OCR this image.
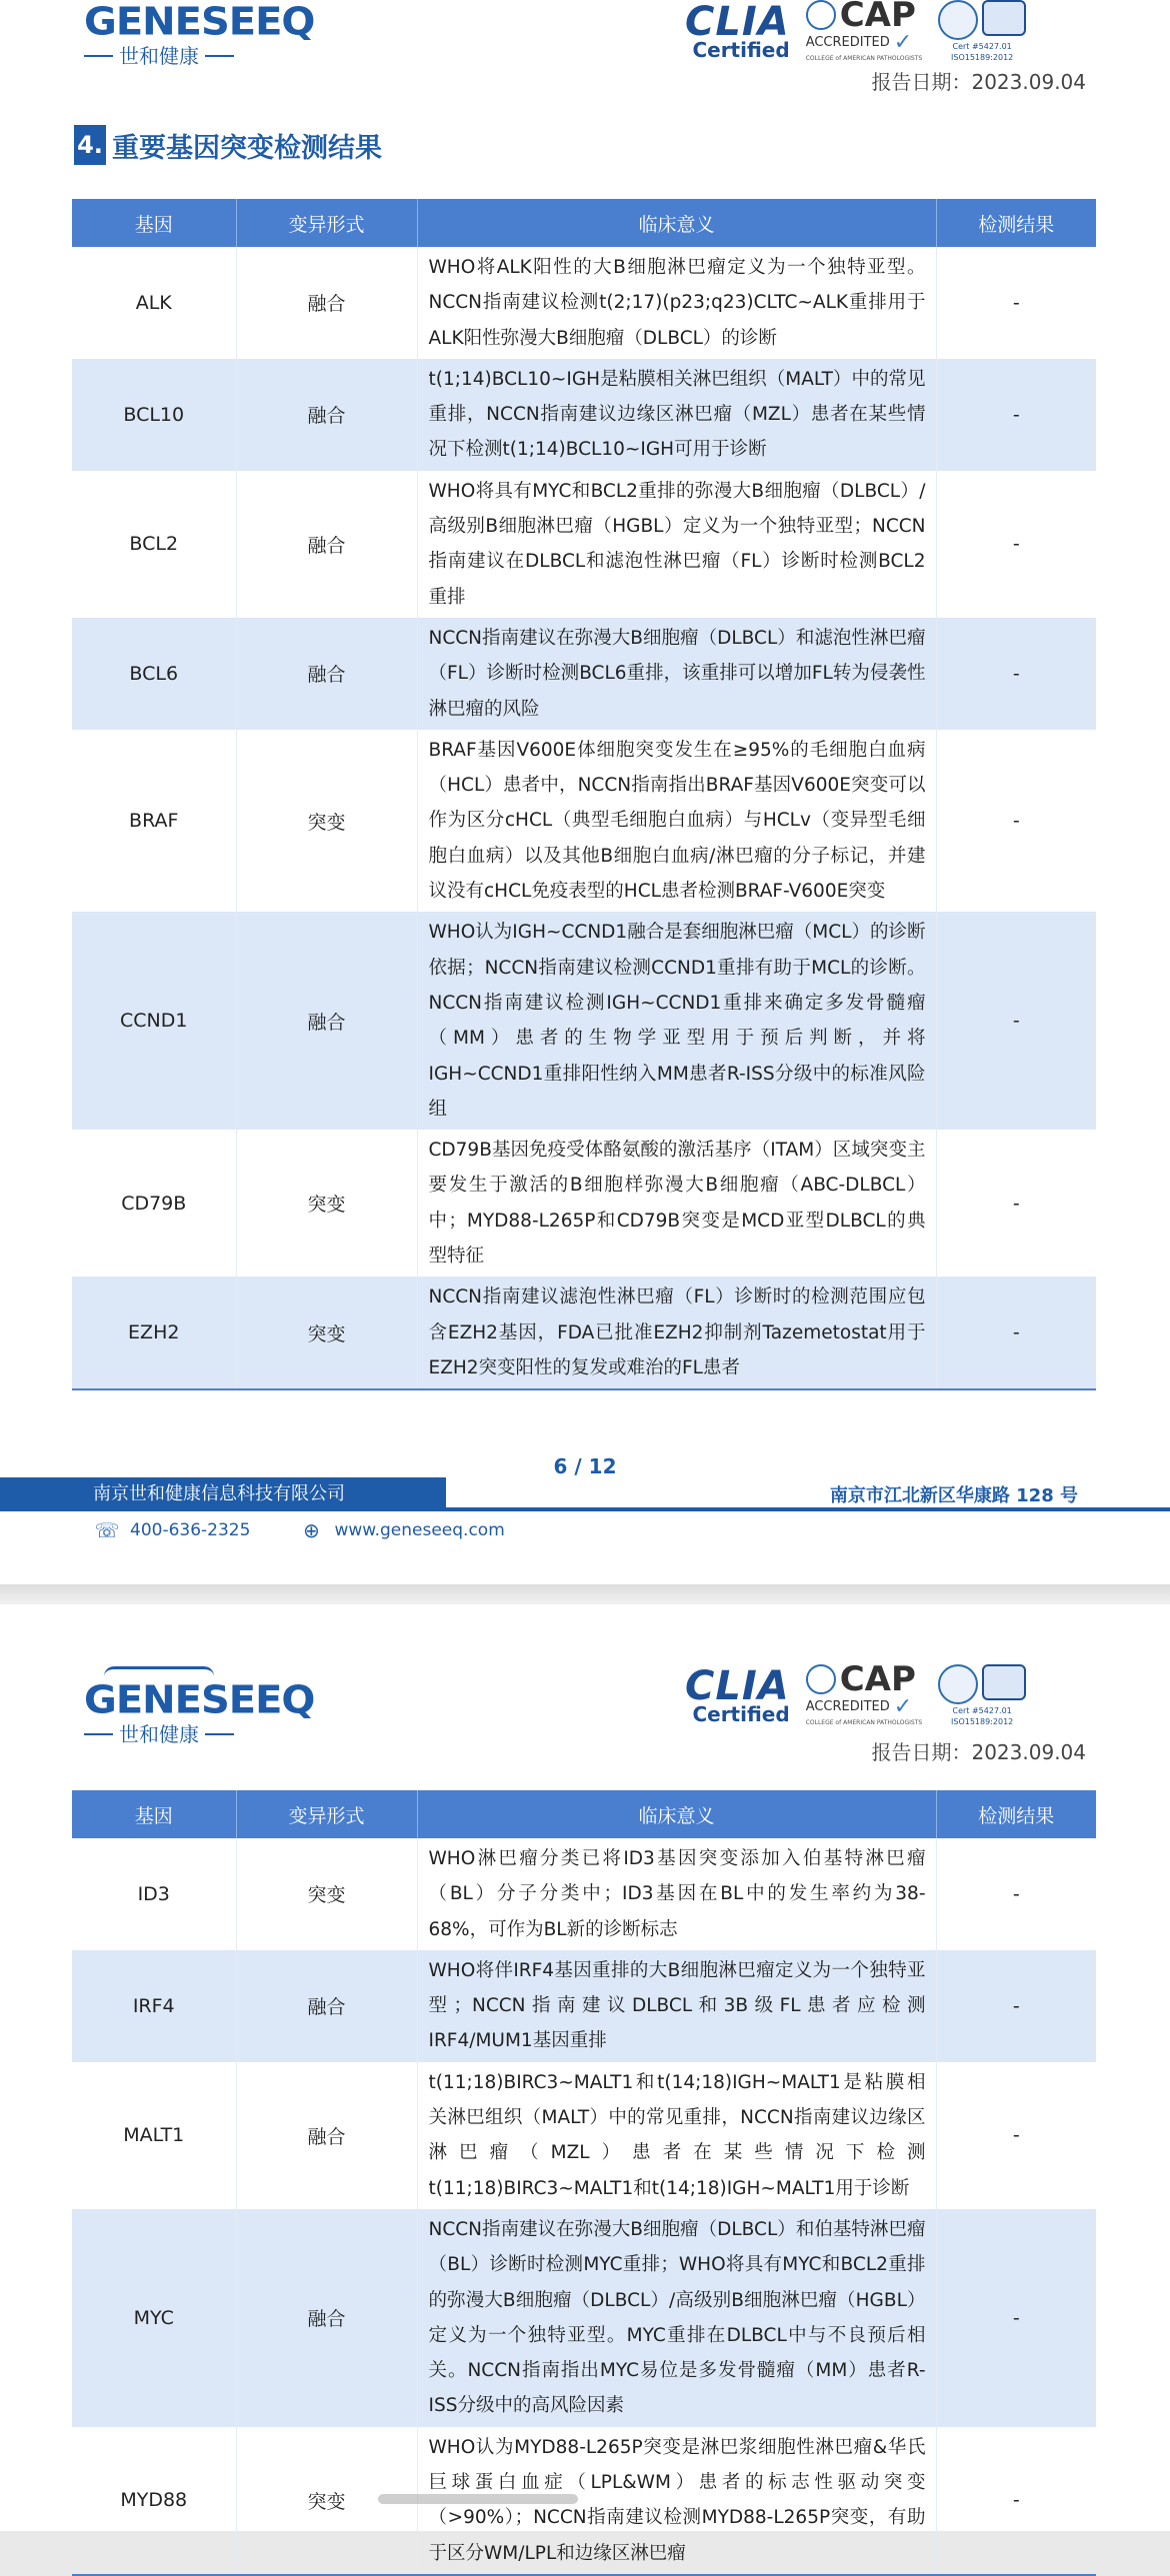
GENESEEQ
世和健康
CLIA
Certified
CAP
ACCREDITED ✓
COLLEGE of AMERICAN PATHOLOGISTS
Cert #5427.01
ISO15189:2012
报告日期：2023.09.04
4. 重要基因突变检测结果
基因	变异形式	临床意义	检测结果
ALK	融合	WHO将ALK阳性的大B细胞淋巴瘤定义为一个独特亚型。NCCN指南建议检测t(2;17)(p23;q23)CLTC~ALK重排用于ALK阳性弥漫大B细胞瘤（DLBCL）的诊断	-
BCL10	融合	t(1;14)BCL10~IGH是粘膜相关淋巴组织（MALT）中的常见重排，NCCN指南建议边缘区淋巴瘤（MZL）患者在某些情况下检测t(1;14)BCL10~IGH可用于诊断	-
BCL2	融合	WHO将具有MYC和BCL2重排的弥漫大B细胞瘤（DLBCL）/高级别B细胞淋巴瘤（HGBL）定义为一个独特亚型；NCCN指南建议在DLBCL和滤泡性淋巴瘤（FL）诊断时检测BCL2重排	-
BCL6	融合	NCCN指南建议在弥漫大B细胞瘤（DLBCL）和滤泡性淋巴瘤（FL）诊断时检测BCL6重排，该重排可以增加FL转为侵袭性淋巴瘤的风险	-
BRAF	突变	BRAF基因V600E体细胞突变发生在≥95%的毛细胞白血病（HCL）患者中，NCCN指南指出BRAF基因V600E突变可以作为区分cHCL（典型毛细胞白血病）与HCLv（变异型毛细胞白血病）以及其他B细胞白血病/淋巴瘤的分子标记，并建议没有cHCL免疫表型的HCL患者检测BRAF-V600E突变	-
CCND1	融合	WHO认为IGH~CCND1融合是套细胞淋巴瘤（MCL）的诊断依据；NCCN指南建议检测CCND1重排有助于MCL的诊断。NCCN指南建议检测IGH~CCND1重排来确定多发骨髓瘤（MM）患者的生物学亚型用于预后判断，并将IGH~CCND1重排阳性纳入MM患者R-ISS分级中的标准风险组	-
CD79B	突变	CD79B基因免疫受体酪氨酸的激活基序（ITAM）区域突变主要发生于激活的B细胞样弥漫大B细胞瘤（ABC-DLBCL）中；MYD88-L265P和CD79B突变是MCD亚型DLBCL的典型特征	-
EZH2	突变	NCCN指南建议滤泡性淋巴瘤（FL）诊断时的检测范围应包含EZH2基因，FDA已批准EZH2抑制剂Tazemetostat用于EZH2突变阳性的复发或难治的FL患者	-
6 / 12
南京世和健康信息科技有限公司	南京市江北新区华康路 128 号
☏ 400-636-2325	⊕ www.geneseeq.com
GENESEEQ
世和健康
CLIA
Certified
CAP
ACCREDITED ✓
COLLEGE of AMERICAN PATHOLOGISTS
Cert #5427.01
ISO15189:2012
报告日期：2023.09.04
基因	变异形式	临床意义	检测结果
ID3	突变	WHO淋巴瘤分类已将ID3基因突变添加入伯基特淋巴瘤（BL）分子分类中；ID3基因在BL中的发生率约为38-68%，可作为BL新的诊断标志	-
IRF4	融合	WHO将伴IRF4基因重排的大B细胞淋巴瘤定义为一个独特亚型；NCCN指南建议DLBCL和3B级FL患者应检测IRF4/MUM1基因重排	-
MALT1	融合	t(11;18)BIRC3~MALT1和t(14;18)IGH~MALT1是粘膜相关淋巴组织（MALT）中的常见重排，NCCN指南建议边缘区淋巴瘤（MZL）患者在某些情况下检测t(11;18)BIRC3~MALT1和t(14;18)IGH~MALT1用于诊断	-
MYC	融合	NCCN指南建议在弥漫大B细胞瘤（DLBCL）和伯基特淋巴瘤（BL）诊断时检测MYC重排；WHO将具有MYC和BCL2重排的弥漫大B细胞瘤（DLBCL）/高级别B细胞淋巴瘤（HGBL）定义为一个独特亚型。MYC重排在DLBCL中与不良预后相关。NCCN指南指出MYC易位是多发骨髓瘤（MM）患者R-ISS分级中的高风险因素	-
MYD88	突变	WHO认为MYD88-L265P突变是淋巴浆细胞性淋巴瘤&华氏巨球蛋白血症（LPL&WM）患者的标志性驱动突变（>90%）；NCCN指南建议检测MYD88-L265P突变，有助于区分WM/LPL和边缘区淋巴瘤	-
